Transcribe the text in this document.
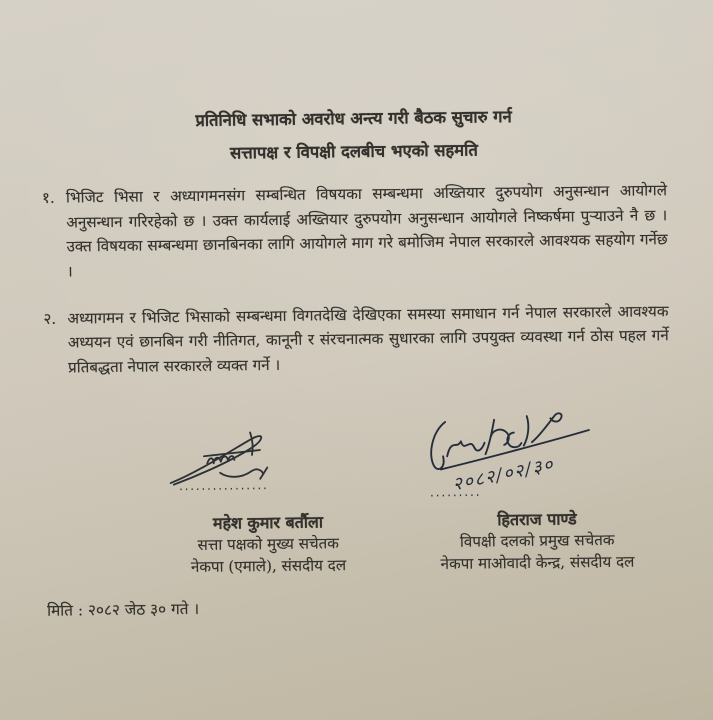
प्रतिनिधि सभाको अवरोध अन्त्य गरी बैठक सुचारु गर्न
सत्तापक्ष र विपक्षी दलबीच भएको सहमति
१. भिजिट भिसा र अध्यागमनसंग सम्बन्धित विषयका सम्बन्धमा अख्तियार दुरुपयोग अनुसन्धान आयोगले अनुसन्धान गरिरहेको छ । उक्त कार्यलाई अख्तियार दुरुपयोग अनुसन्धान आयोगले निष्कर्षमा पुऱ्याउने नै छ । उक्त विषयका सम्बन्धमा छानबिनका लागि आयोगले माग गरे बमोजिम नेपाल सरकारले आवश्यक सहयोग गर्नेछ ।

२. अध्यागमन र भिजिट भिसाको सम्बन्धमा विगतदेखि देखिएका समस्या समाधान गर्न नेपाल सरकारले आवश्यक अध्ययन एवं छानबिन गरी नीतिगत, कानूनी र संरचनात्मक सुधारका लागि उपयुक्त व्यवस्था गर्न ठोस पहल गर्ने प्रतिबद्धता नेपाल सरकारले व्यक्त गर्ने ।

महेश कुमार बर्तौला
सत्ता पक्षको मुख्य सचेतक
नेकपा (एमाले), संसदीय दल
२०८२/०२/३०
हितराज पाण्डे
विपक्षी दलको प्रमुख सचेतक
नेकपा माओवादी केन्द्र, संसदीय दल
मिति : २०८२ जेठ ३० गते ।
